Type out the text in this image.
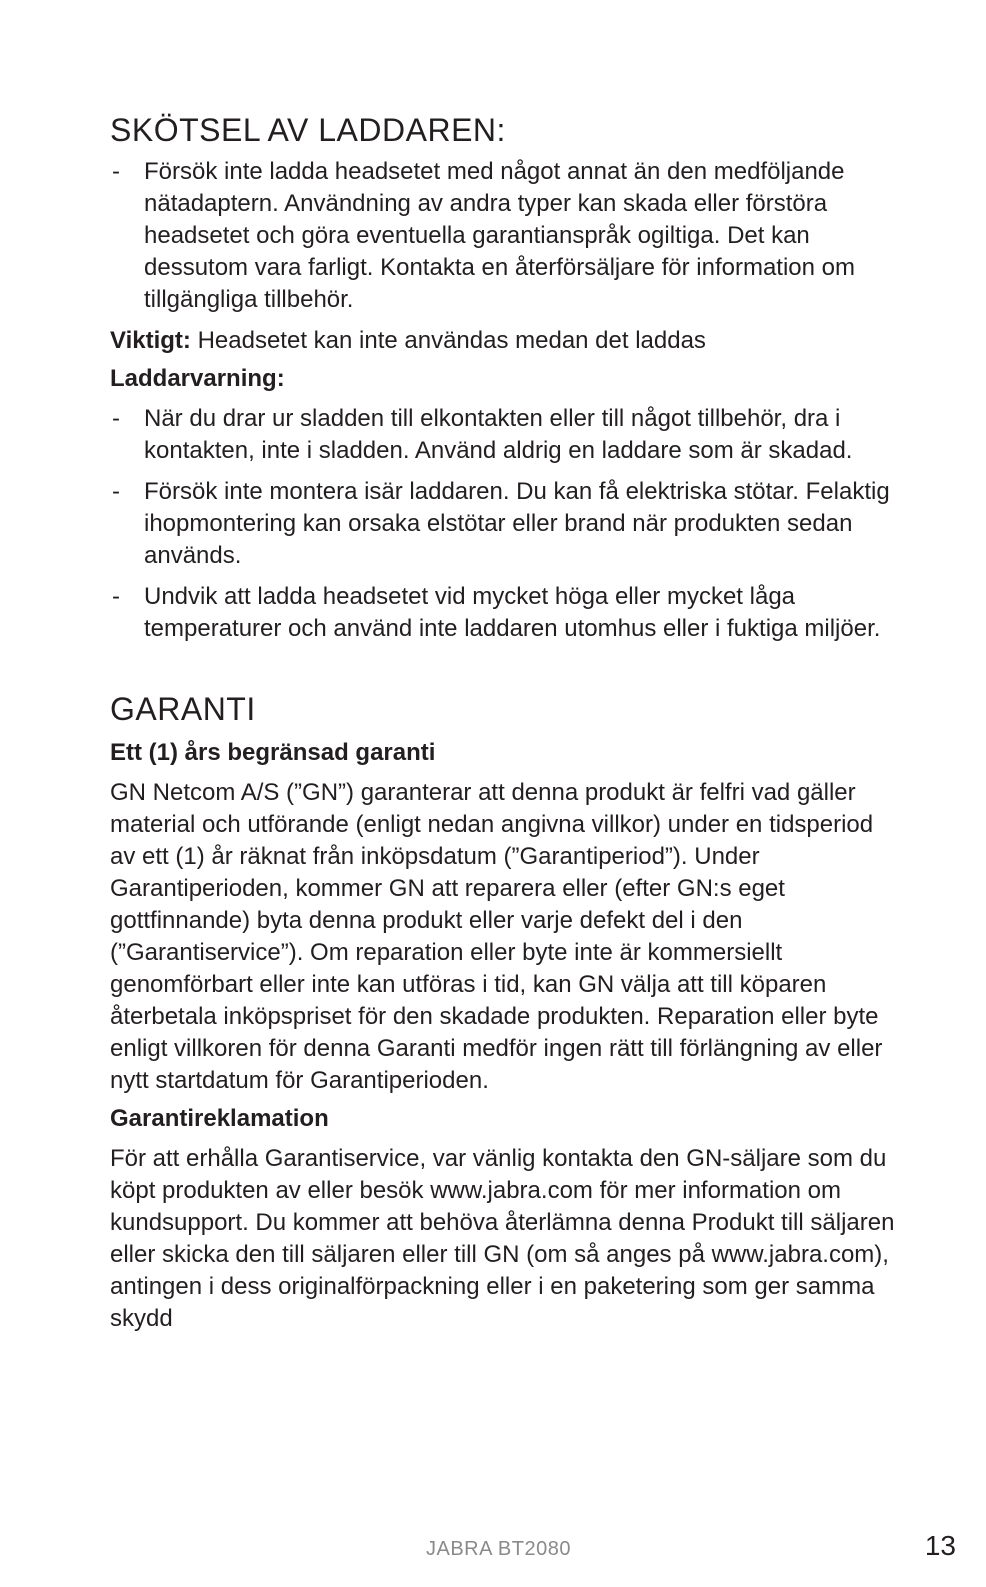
SKÖTSEL AV LADDAREN:
- Försök inte ladda headsetet med något annat än den medföljande nätadaptern. Användning av andra typer kan skada eller förstöra headsetet och göra eventuella garantianspråk ogiltiga. Det kan dessutom vara farligt. Kontakta en återförsäljare för information om tillgängliga tillbehör.

Viktigt: Headsetet kan inte användas medan det laddas

Laddarvarning:

- När du drar ur sladden till elkontakten eller till något tillbehör, dra i kontakten, inte i sladden. Använd aldrig en laddare som är skadad.
- Försök inte montera isär laddaren. Du kan få elektriska stötar. Felaktig ihopmontering kan orsaka elstötar eller brand när produkten sedan används.
- Undvik att ladda headsetet vid mycket höga eller mycket låga temperaturer och använd inte laddaren utomhus eller i fuktiga miljöer.
GARANTI

Ett (1) års begränsad garanti

GN Netcom A/S (”GN”) garanterar att denna produkt är felfri vad gäller material och utförande (enligt nedan angivna villkor) under en tidsperiod av ett (1) år räknat från inköpsdatum (”Garantiperiod”). Under Garantiperioden, kommer GN att reparera eller (efter GN:s eget gottfinnande) byta denna produkt eller varje defekt del i den (”Garantiservice”). Om reparation eller byte inte är kommersiellt genomförbart eller inte kan utföras i tid, kan GN välja att till köparen återbetala inköpspriset för den skadade produkten. Reparation eller byte enligt villkoren för denna Garanti medför ingen rätt till förlängning av eller nytt startdatum för Garantiperioden.

Garantireklamation

För att erhålla Garantiservice, var vänlig kontakta den GN-säljare som du köpt produkten av eller besök www.jabra.com för mer information om kundsupport. Du kommer att behöva återlämna denna Produkt till säljaren eller skicka den till säljaren eller till GN (om så anges på www.jabra.com), antingen i dess originalförpackning eller i en paketering som ger samma skydd

JABRA BT2080	13
